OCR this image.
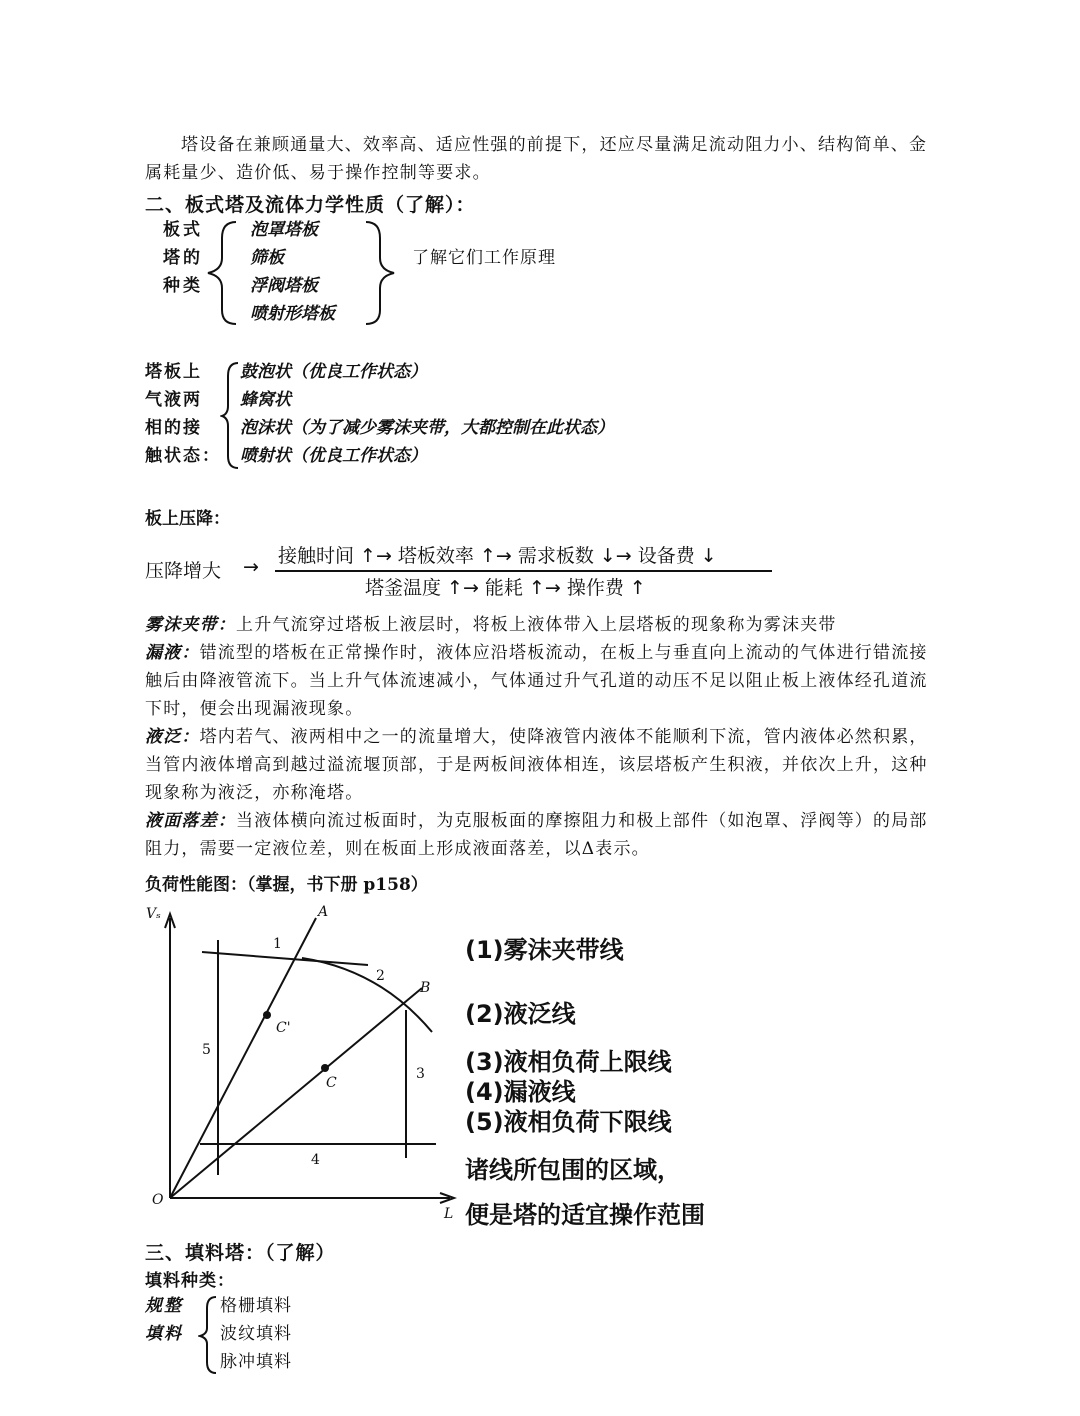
塔设备在兼顾通量大、效率高、适应性强的前提下，还应尽量满足流动阻力小、结构简单、金属耗量少、造价低、易于操作控制等要求。
二、板式塔及流体力学性质（了解）：
板式
塔的
种类
泡罩塔板
筛板
浮阀塔板
喷射形塔板
了解它们工作原理
塔板上
气液两
相的接
触状态：
鼓泡状（优良工作状态）
蜂窝状
泡沫状（为了减少雾沫夹带，大都控制在此状态）
喷射状（优良工作状态）
板上压降：
压降增大 → 接触时间 ↑→ 塔板效率 ↑→ 需求板数 ↓→ 设备费 ↓
塔釜温度 ↑→ 能耗 ↑→ 操作费 ↑
雾沫夹带：上升气流穿过塔板上液层时，将板上液体带入上层塔板的现象称为雾沫夹带
漏液：错流型的塔板在正常操作时，液体应沿塔板流动，在板上与垂直向上流动的气体进行错流接触后由降液管流下。当上升气体流速减小，气体通过升气孔道的动压不足以阻止板上液体经孔道流下时，便会出现漏液现象。
液泛：塔内若气、液两相中之一的流量增大，使降液管内液体不能顺利下流，管内液体必然积累，当管内液体增高到越过溢流堰顶部，于是两板间液体相连，该层塔板产生积液，并依次上升，这种现象称为液泛，亦称淹塔。
液面落差：当液体横向流过板面时，为克服板面的摩擦阻力和极上部件（如泡罩、浮阀等）的局部阻力，需要一定液位差，则在板面上形成液面落差，以Δ表示。
负荷性能图：（掌握，书下册 p158）
Vₛ
L
O
A
B
C
C'
1
2
3
4
5
(1)雾沫夹带线
(2)液泛线
(3)液相负荷上限线
(4)漏液线
(5)液相负荷下限线
诸线所包围的区域，
便是塔的适宜操作范围
三、填料塔：（了解）
填料种类：
规整
填料
格栅填料
波纹填料
脉冲填料
